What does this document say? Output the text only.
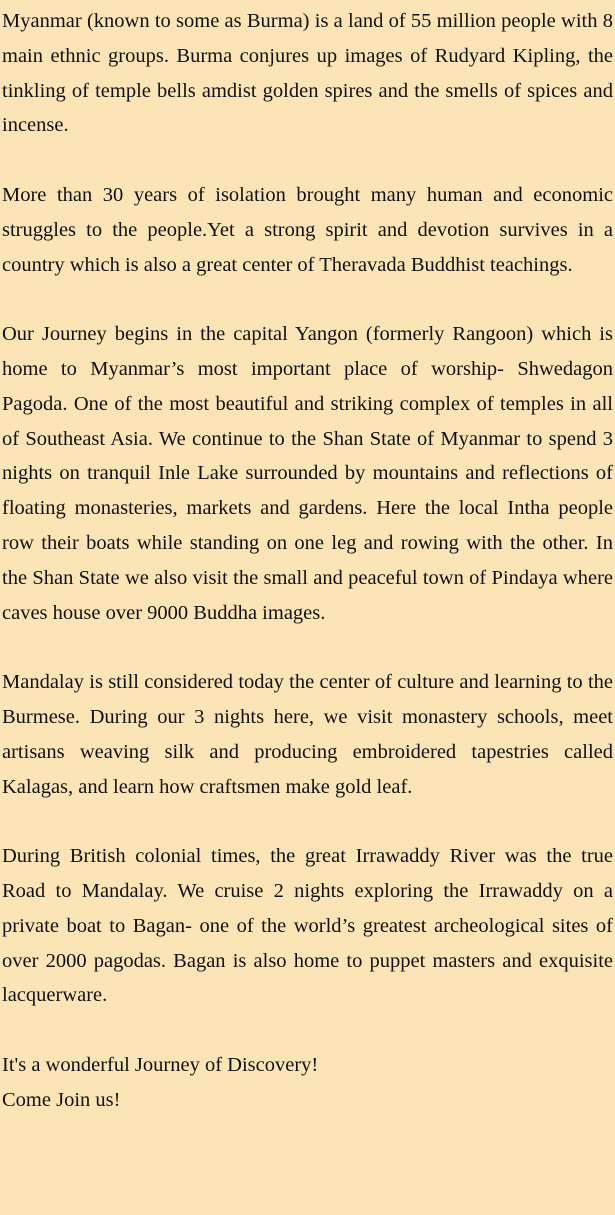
Myanmar (known to some as Burma) is a land of 55 million people with 8 main ethnic groups. Burma conjures up images of Rudyard Kipling, the tinkling of temple bells amdist golden spires and the smells of spices and incense.

More than 30 years of isolation brought many human and economic struggles to the people.Yet a strong spirit and devotion survives in a country which is also a great center of Theravada Buddhist teachings.

Our Journey begins in the capital Yangon (formerly Rangoon) which is home to Myanmar’s most important place of worship- Shwedagon Pagoda. One of the most beautiful and striking complex of temples in all of Southeast Asia. We continue to the Shan State of Myanmar to spend 3 nights on tranquil Inle Lake surrounded by mountains and reflections of floating monasteries, markets and gardens. Here the local Intha people row their boats while standing on one leg and rowing with the other. In the Shan State we also visit the small and peaceful town of Pindaya where caves house over 9000 Buddha images.

Mandalay is still considered today the center of culture and learning to the Burmese. During our 3 nights here, we visit monastery schools, meet artisans weaving silk and producing embroidered tapestries called Kalagas, and learn how craftsmen make gold leaf.

During British colonial times, the great Irrawaddy River was the true Road to Mandalay. We cruise 2 nights exploring the Irrawaddy on a private boat to Bagan- one of the world’s greatest archeological sites of over 2000 pagodas. Bagan is also home to puppet masters and exquisite lacquerware.

It's a wonderful Journey of Discovery!
Come Join us!
